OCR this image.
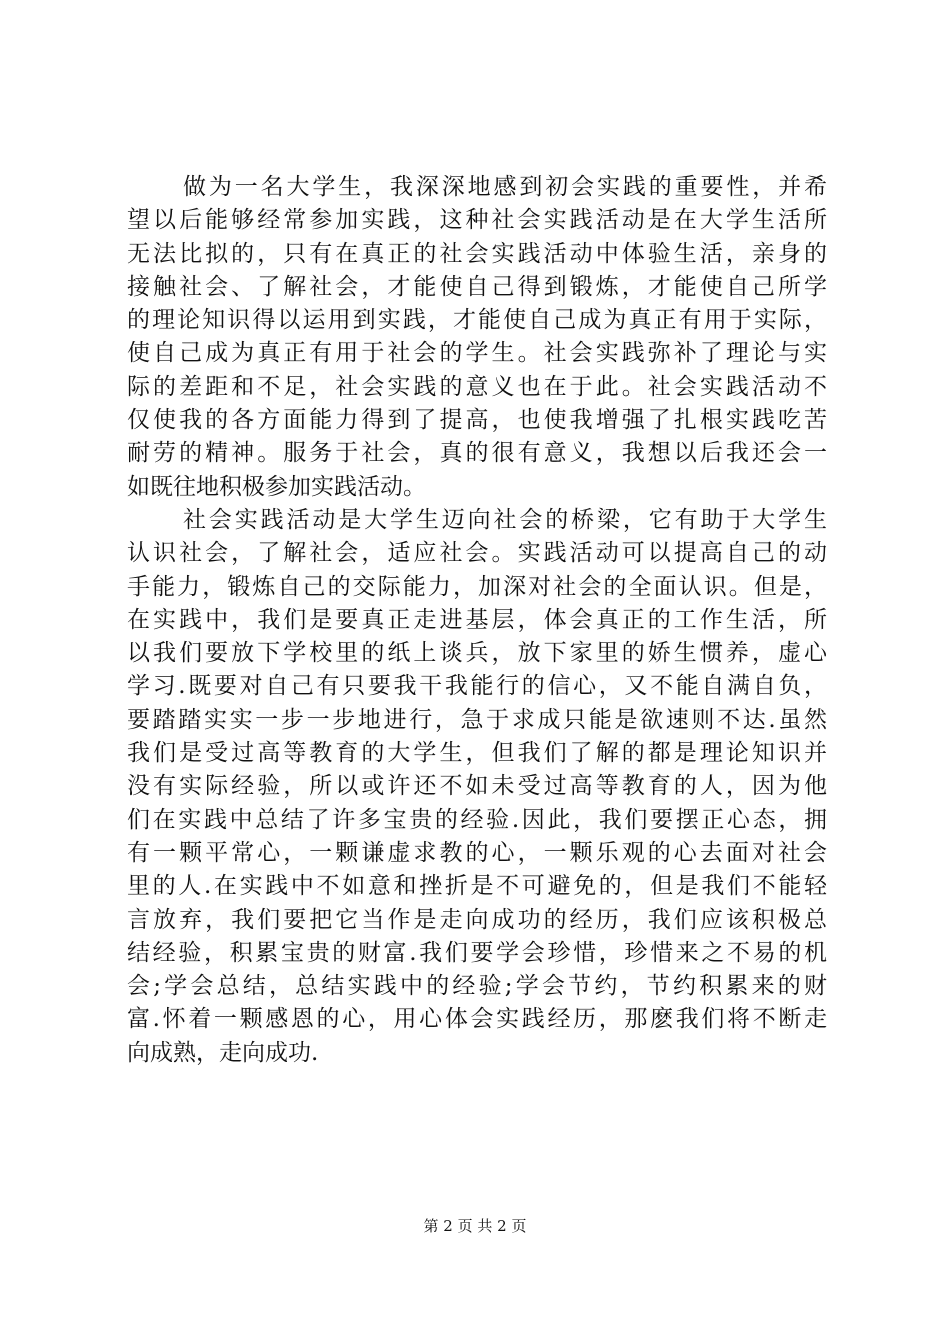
做为一名大学生，我深深地感到初会实践的重要性，并希
望以后能够经常参加实践，这种社会实践活动是在大学生活所
无法比拟的，只有在真正的社会实践活动中体验生活，亲身的
接触社会、了解社会，才能使自己得到锻炼，才能使自己所学
的理论知识得以运用到实践，才能使自己成为真正有用于实际，
使自己成为真正有用于社会的学生。社会实践弥补了理论与实
际的差距和不足，社会实践的意义也在于此。社会实践活动不
仅使我的各方面能力得到了提高，也使我增强了扎根实践吃苦
耐劳的精神。服务于社会，真的很有意义，我想以后我还会一
如既往地积极参加实践活动。
社会实践活动是大学生迈向社会的桥梁，它有助于大学生
认识社会，了解社会，适应社会。实践活动可以提高自己的动
手能力，锻炼自己的交际能力，加深对社会的全面认识。但是，
在实践中，我们是要真正走进基层，体会真正的工作生活，所
以我们要放下学校里的纸上谈兵，放下家里的娇生惯养，虚心
学习.既要对自己有只要我干我能行的信心，又不能自满自负，
要踏踏实实一步一步地进行，急于求成只能是欲速则不达.虽然
我们是受过高等教育的大学生，但我们了解的都是理论知识并
没有实际经验，所以或许还不如未受过高等教育的人，因为他
们在实践中总结了许多宝贵的经验.因此，我们要摆正心态，拥
有一颗平常心，一颗谦虚求教的心，一颗乐观的心去面对社会
里的人.在实践中不如意和挫折是不可避免的，但是我们不能轻
言放弃，我们要把它当作是走向成功的经历，我们应该积极总
结经验，积累宝贵的财富.我们要学会珍惜，珍惜来之不易的机
会;学会总结，总结实践中的经验;学会节约，节约积累来的财
富.怀着一颗感恩的心，用心体会实践经历，那麽我们将不断走
向成熟，走向成功.
第 2 页 共 2 页
